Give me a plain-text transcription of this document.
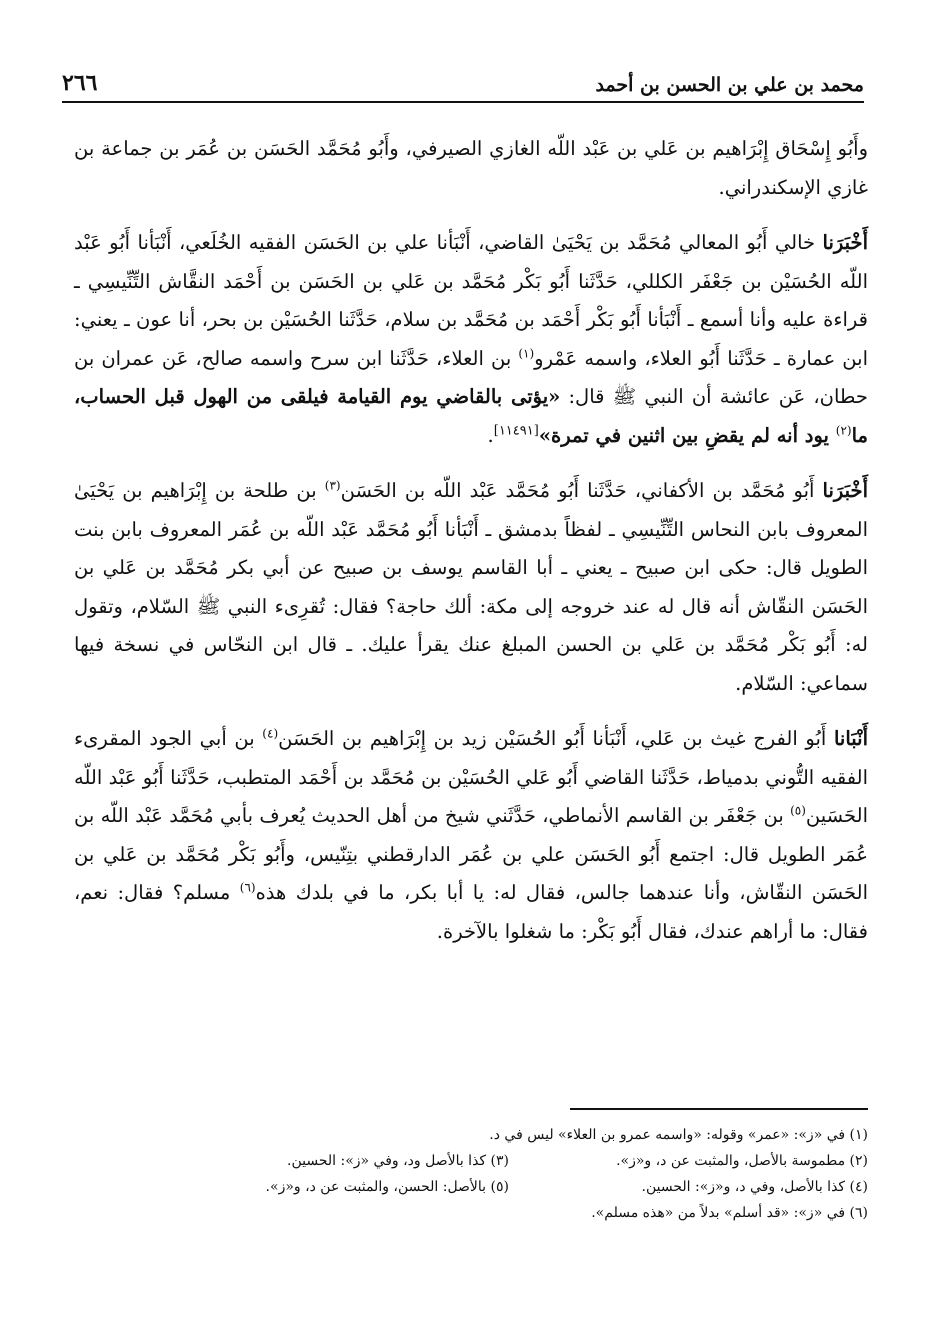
محمد بن علي بن الحسن بن أحمد
٢٦٦

وأَبُو إِسْحَاق إِبْرَاهيم بن عَلي بن عَبْد اللّه الغازي الصيرفي، وأَبُو مُحَمَّد الحَسَن بن عُمَر بن جماعة بن غازي الإسكندراني.

أَخْبَرَنا خالي أَبُو المعالي مُحَمَّد بن يَحْيَىٰ القاضي، أَنْبَأنا علي بن الحَسَن الفقيه الخُلَعي، أَنْبَأنا أَبُو عَبْد اللّه الحُسَيْن بن جَعْفَر الكللي، حَدَّثَنا أَبُو بَكْر مُحَمَّد بن عَلي بن الحَسَن بن أَحْمَد النقَّاش التِّنِّيسِي ـ قراءة عليه وأنا أسمع ـ أَنْبَأنا أَبُو بَكْر أَحْمَد بن مُحَمَّد بن سلام، حَدَّثَنا الحُسَيْن بن بحر، أنا عون ـ يعني: ابن عمارة ـ حَدَّثَنا أَبُو العلاء، واسمه عَمْرو$^{(١)}$ بن العلاء، حَدَّثَنا ابن سرح واسمه صالح، عَن عمران بن حطان، عَن عائشة أن النبي ﷺ قال: «يؤتى بالقاضي يوم القيامة فيلقى من الهول قبل الحساب، ما$^{(٢)}$ يود أنه لم يقضِ بين اثنين في تمرة»[١١٤٩١].

أَخْبَرَنا أَبُو مُحَمَّد بن الأكفاني، حَدَّثَنا أَبُو مُحَمَّد عَبْد اللّه بن الحَسَن$^{(٣)}$ بن طلحة بن إِبْرَاهيم بن يَحْيَىٰ المعروف بابن النحاس التِّنِّيسِي ـ لفظاً بدمشق ـ أَنْبَأنا أَبُو مُحَمَّد عَبْد اللّه بن عُمَر المعروف بابن بنت الطويل قال: حكى ابن صبيح ـ يعني ـ أبا القاسم يوسف بن صبيح عن أبي بكر مُحَمَّد بن عَلي بن الحَسَن النقّاش أنه قال له عند خروجه إلى مكة: ألك حاجة؟ فقال: تُقرِىء النبي ﷺ السّلام، وتقول له: أَبُو بَكْر مُحَمَّد بن عَلي بن الحسن المبلغ عنك يقرأ عليك. ـ قال ابن النحّاس في نسخة فيها سماعي: السّلام.

أَنْبَانا أَبُو الفرج غيث بن عَلي، أَنْبَأنا أَبُو الحُسَيْن زيد بن إِبْرَاهيم بن الحَسَن$^{(٤)}$ بن أبي الجود المقرىء الفقيه التُّوني بدمياط، حَدَّثَنا القاضي أَبُو عَلي الحُسَيْن بن مُحَمَّد بن أَحْمَد المتطبب، حَدَّثَنا أَبُو عَبْد اللّه الحَسَين$^{(٥)}$ بن جَعْفَر بن القاسم الأنماطي، حَدَّثَني شيخ من أهل الحديث يُعرف بأبي مُحَمَّد عَبْد اللّه بن عُمَر الطويل قال: اجتمع أَبُو الحَسَن علي بن عُمَر الدارقطني بتِنّيس، وأَبُو بَكْر مُحَمَّد بن عَلي بن الحَسَن النقّاش، وأنا عندهما جالس، فقال له: يا أبا بكر، ما في بلدك هذه$^{(٦)}$ مسلم؟ فقال: نعم، فقال: ما أراهم عندك، فقال أَبُو بَكْر: ما شغلوا بالآخرة.

(١) في «ز»: «عمر» وقوله: «واسمه عمرو بن العلاء» ليس في د.
(٢) مطموسة بالأصل، والمثبت عن د، و«ز».
(٣) كذا بالأصل ود، وفي «ز»: الحسين.
(٤) كذا بالأصل، وفي د، و«ز»: الحسين.
(٥) بالأصل: الحسن، والمثبت عن د، و«ز».
(٦) في «ز»: «قد أسلم» بدلاً من «هذه مسلم».
